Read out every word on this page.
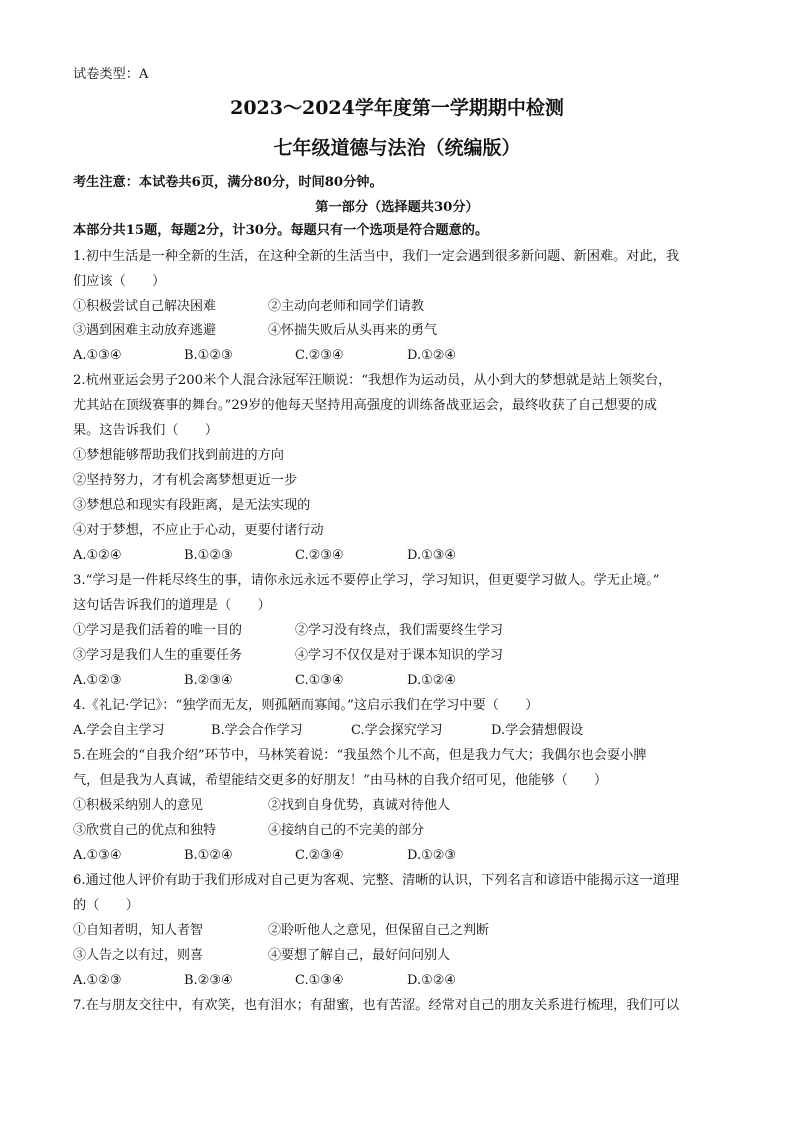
试卷类型：A
2023～2024学年度第一学期期中检测
七年级道德与法治（统编版）
考生注意：本试卷共6页，满分80分，时间80分钟。
第一部分（选择题共30分）
本部分共15题，每题2分，计30分。每题只有一个选项是符合题意的。
1.初中生活是一种全新的生活，在这种全新的生活当中，我们一定会遇到很多新问题、新困难。对此，我
们应该（　　）
①积极尝试自己解决困难	②主动向老师和同学们请教
③遇到困难主动放弃逃避	④怀揣失败后从头再来的勇气
A.①③④	B.①②③	C.②③④	D.①②④
2.杭州亚运会男子200米个人混合泳冠军汪顺说：“我想作为运动员，从小到大的梦想就是站上领奖台，
尤其站在顶级赛事的舞台。”29岁的他每天坚持用高强度的训练备战亚运会，最终收获了自己想要的成
果。这告诉我们（　　）
①梦想能够帮助我们找到前进的方向
②坚持努力，才有机会离梦想更近一步
③梦想总和现实有段距离，是无法实现的
④对于梦想，不应止于心动，更要付诸行动
A.①②④	B.①②③	C.②③④	D.①③④
3.“学习是一件耗尽终生的事，请你永远永远不要停止学习，学习知识，但更要学习做人。学无止境。”
这句话告诉我们的道理是（　　）
①学习是我们活着的唯一目的	②学习没有终点，我们需要终生学习
③学习是我们人生的重要任务	④学习不仅仅是对于课本知识的学习
A.①②③	B.②③④	C.①③④	D.①②④
4.《礼记·学记》：“独学而无友，则孤陋而寡闻。”这启示我们在学习中要（　　）
A.学会自主学习	B.学会合作学习	C.学会探究学习	D.学会猜想假设
5.在班会的“自我介绍”环节中，马林笑着说：“我虽然个儿不高，但是我力气大；我偶尔也会耍小脾
气，但是我为人真诚，希望能结交更多的好朋友！”由马林的自我介绍可见，他能够（　　）
①积极采纳别人的意见	②找到自身优势，真诚对待他人
③欣赏自己的优点和独特	④接纳自己的不完美的部分
A.①③④	B.①②④	C.②③④	D.①②③
6.通过他人评价有助于我们形成对自己更为客观、完整、清晰的认识，下列名言和谚语中能揭示这一道理
的（　　）
①自知者明，知人者智	②聆听他人之意见，但保留自己之判断
③人告之以有过，则喜	④要想了解自己，最好问问别人
A.①②③	B.②③④	C.①③④	D.①②④
7.在与朋友交往中，有欢笑，也有泪水；有甜蜜，也有苦涩。经常对自己的朋友关系进行梳理，我们可以
